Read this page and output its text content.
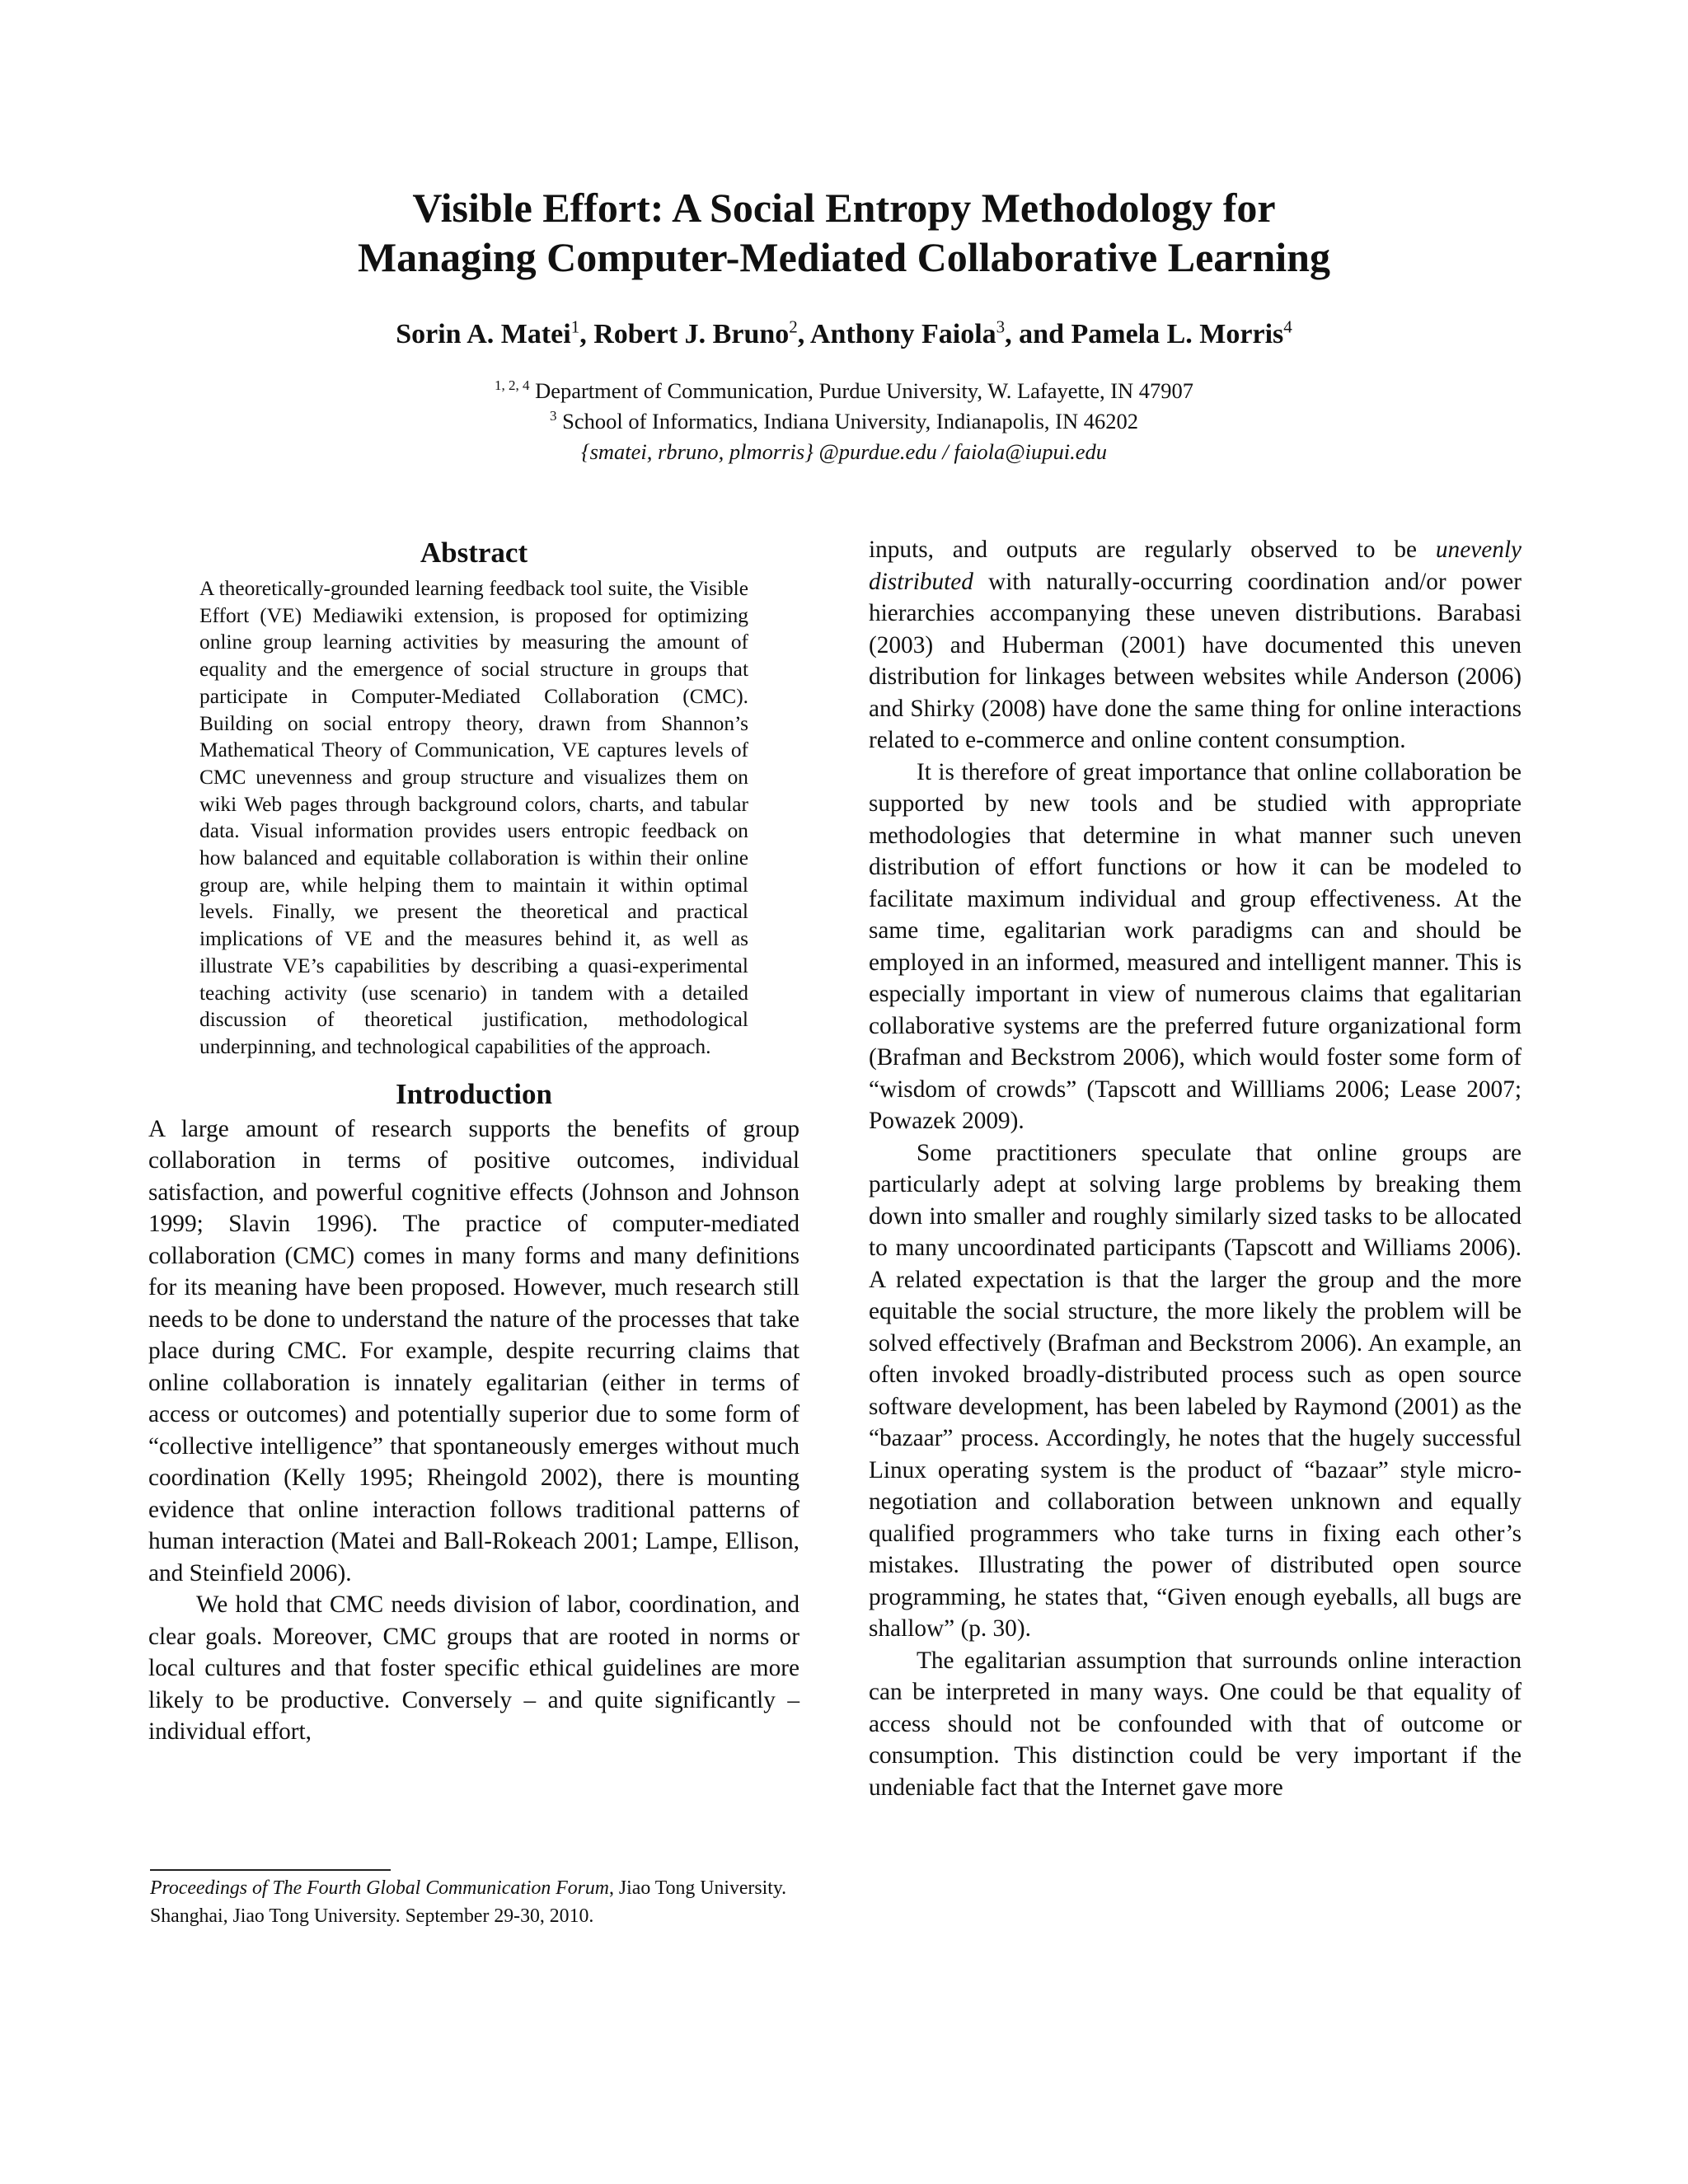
Visible Effort: A Social Entropy Methodology for
Managing Computer-Mediated Collaborative Learning
Sorin A. Matei$^1$, Robert J. Bruno$^2$, Anthony Faiola$^3$, and Pamela L. Morris$^4$
$^{1, 2, 4}$ Department of Communication, Purdue University, W. Lafayette, IN 47907
$^3$ School of Informatics, Indiana University, Indianapolis, IN 46202
{smatei, rbruno, plmorris} @purdue.edu / faiola@iupui.edu
Abstract

A theoretically-grounded learning feedback tool suite, the Visible Effort (VE) Mediawiki extension, is proposed for optimizing online group learning activities by measuring the amount of equality and the emergence of social structure in groups that participate in Computer-Mediated Collaboration (CMC). Building on social entropy theory, drawn from Shannon’s Mathematical Theory of Communication, VE captures levels of CMC unevenness and group structure and visualizes them on wiki Web pages through background colors, charts, and tabular data. Visual information provides users entropic feedback on how balanced and equitable collaboration is within their online group are, while helping them to maintain it within optimal levels. Finally, we present the theoretical and practical implications of VE and the measures behind it, as well as illustrate VE’s capabilities by describing a quasi-experimental teaching activity (use scenario) in tandem with a detailed discussion of theoretical justification, methodological underpinning, and technological capabilities of the approach.

Introduction

A large amount of research supports the benefits of group collaboration in terms of positive outcomes, individual satisfaction, and powerful cognitive effects (Johnson and Johnson 1999; Slavin 1996). The practice of computer-mediated collaboration (CMC) comes in many forms and many definitions for its meaning have been proposed. However, much research still needs to be done to understand the nature of the processes that take place during CMC. For example, despite recurring claims that online collaboration is innately egalitarian (either in terms of access or outcomes) and potentially superior due to some form of “collective intelligence” that spontaneously emerges without much coordination (Kelly 1995; Rheingold 2002), there is mounting evidence that online interaction follows traditional patterns of human interaction (Matei and Ball-Rokeach 2001; Lampe, Ellison, and Steinfield 2006).

We hold that CMC needs division of labor, coordination, and clear goals. Moreover, CMC groups that are rooted in norms or local cultures and that foster specific ethical guidelines are more likely to be productive. Conversely – and quite significantly – individual effort,

inputs, and outputs are regularly observed to be unevenly distributed with naturally-occurring coordination and/or power hierarchies accompanying these uneven distributions. Barabasi (2003) and Huberman (2001) have documented this uneven distribution for linkages between websites while Anderson (2006) and Shirky (2008) have done the same thing for online interactions related to e-commerce and online content consumption.

It is therefore of great importance that online collaboration be supported by new tools and be studied with appropriate methodologies that determine in what manner such uneven distribution of effort functions or how it can be modeled to facilitate maximum individual and group effectiveness. At the same time, egalitarian work paradigms can and should be employed in an informed, measured and intelligent manner. This is especially important in view of numerous claims that egalitarian collaborative systems are the preferred future organizational form (Brafman and Beckstrom 2006), which would foster some form of “wisdom of crowds” (Tapscott and Willliams 2006; Lease 2007; Powazek 2009).

Some practitioners speculate that online groups are particularly adept at solving large problems by breaking them down into smaller and roughly similarly sized tasks to be allocated to many uncoordinated participants (Tapscott and Williams 2006). A related expectation is that the larger the group and the more equitable the social structure, the more likely the problem will be solved effectively (Brafman and Beckstrom 2006). An example, an often invoked broadly-distributed process such as open source software development, has been labeled by Raymond (2001) as the “bazaar” process. Accordingly, he notes that the hugely successful Linux operating system is the product of “bazaar” style micro-negotiation and collaboration between unknown and equally qualified programmers who take turns in fixing each other’s mistakes. Illustrating the power of distributed open source programming, he states that, “Given enough eyeballs, all bugs are shallow” (p. 30).

The egalitarian assumption that surrounds online interaction can be interpreted in many ways. One could be that equality of access should not be confounded with that of outcome or consumption. This distinction could be very important if the undeniable fact that the Internet gave more

Proceedings of The Fourth Global Communication Forum, Jiao Tong University. Shanghai, Jiao Tong University. September 29-30, 2010.
